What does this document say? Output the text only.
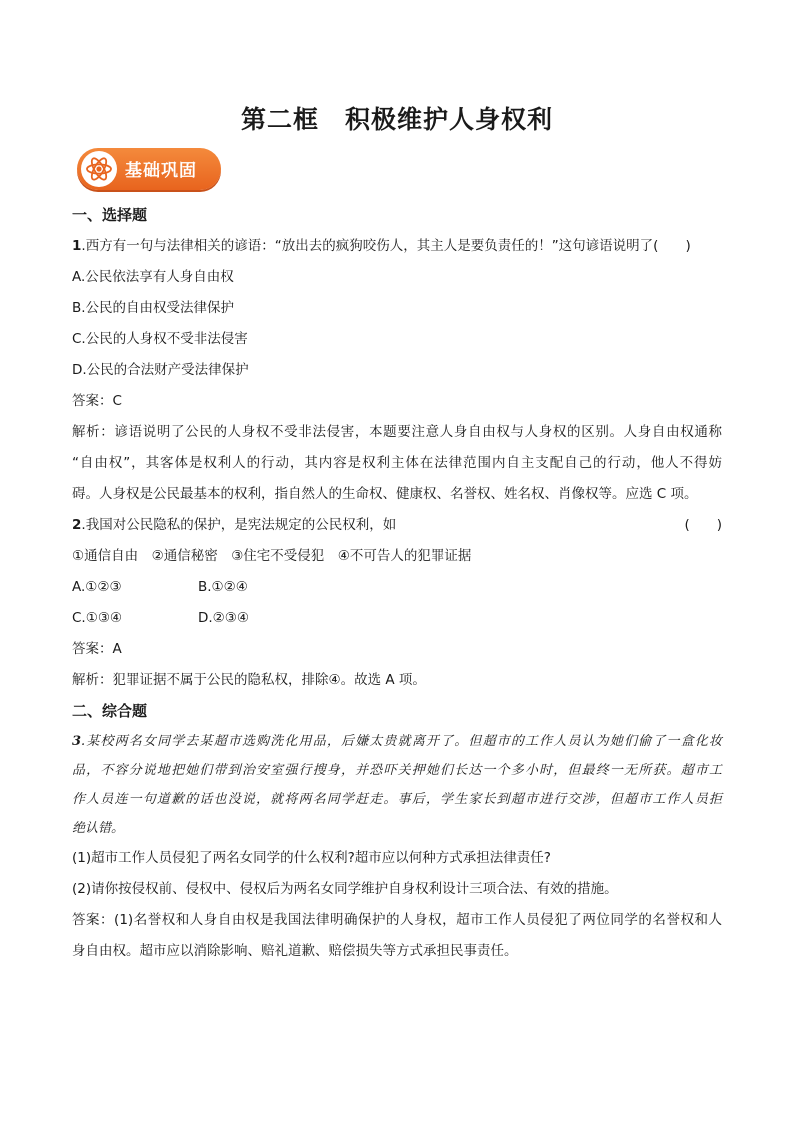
第二框　积极维护人身权利
基础巩固
一、选择题
1.西方有一句与法律相关的谚语：“放出去的疯狗咬伤人，其主人是要负责任的！”这句谚语说明了(　　)
A.公民依法享有人身自由权
B.公民的自由权受法律保护
C.公民的人身权不受非法侵害
D.公民的合法财产受法律保护
答案：C
解析：谚语说明了公民的人身权不受非法侵害，本题要注意人身自由权与人身权的区别。人身自由权通称
“自由权”，其客体是权利人的行动，其内容是权利主体在法律范围内自主支配自己的行动，他人不得妨
碍。人身权是公民最基本的权利，指自然人的生命权、健康权、名誉权、姓名权、肖像权等。应选 C 项。
2.我国对公民隐私的保护，是宪法规定的公民权利，如	(　　)
①通信自由　②通信秘密　③住宅不受侵犯　④不可告人的犯罪证据
A.①②③	B.①②④
C.①③④	D.②③④
答案：A
解析：犯罪证据不属于公民的隐私权，排除④。故选 A 项。
二、综合题
3.某校两名女同学去某超市选购洗化用品，后嫌太贵就离开了。但超市的工作人员认为她们偷了一盒化妆
品，不容分说地把她们带到治安室强行搜身，并恐吓关押她们长达一个多小时，但最终一无所获。超市工
作人员连一句道歉的话也没说，就将两名同学赶走。事后，学生家长到超市进行交涉，但超市工作人员拒
绝认错。
(1)超市工作人员侵犯了两名女同学的什么权利?超市应以何种方式承担法律责任?
(2)请你按侵权前、侵权中、侵权后为两名女同学维护自身权利设计三项合法、有效的措施。
答案：(1)名誉权和人身自由权是我国法律明确保护的人身权，超市工作人员侵犯了两位同学的名誉权和人
身自由权。超市应以消除影响、赔礼道歉、赔偿损失等方式承担民事责任。
